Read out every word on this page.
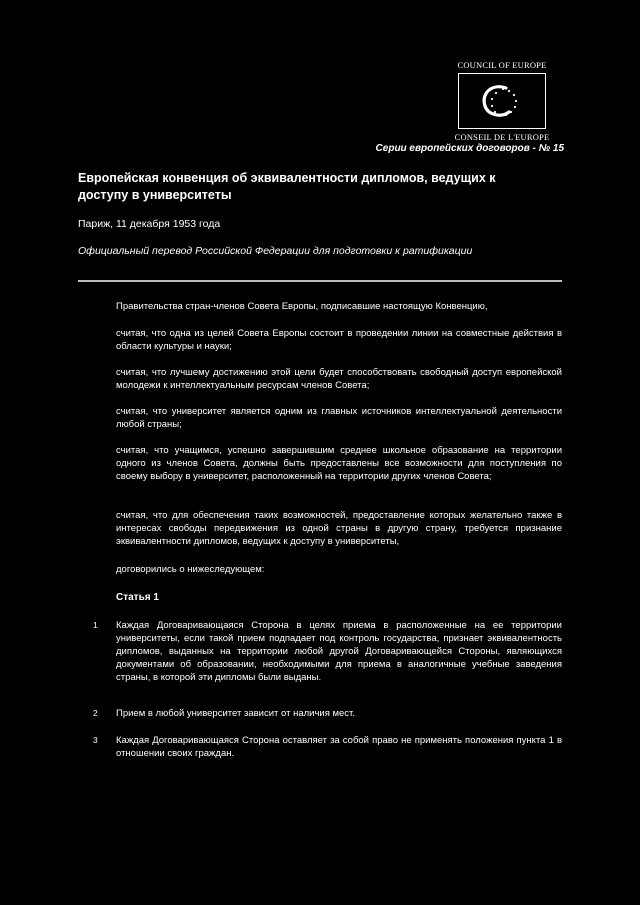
COUNCIL OF EUROPE
CONSEIL DE L'EUROPE
Серии европейских договоров - № 15
Европейская конвенция об эквивалентности дипломов, ведущих к доступу в университеты
Париж, 11 декабря 1953 года
Официальный перевод Российской Федерации для подготовки к ратификации
Правительства стран-членов Совета Европы, подписавшие настоящую Конвенцию,
считая, что одна из целей Совета Европы состоит в проведении линии на совместные действия в области культуры и науки;
считая, что лучшему достижению этой цели будет способствовать свободный доступ европейской молодежи к интеллектуальным ресурсам членов Совета;
считая, что университет является одним из главных источников интеллектуальной деятельности любой страны;
считая, что учащимся, успешно завершившим среднее школьное образование на территории одного из членов Совета, должны быть предоставлены все возможности для поступления по своему выбору в университет, расположенный на территории других членов Совета;
считая, что для обеспечения таких возможностей, предоставление которых желательно также в интересах свободы передвижения из одной страны в другую страну, требуется признание эквивалентности дипломов, ведущих к доступу в университеты,
договорились о нижеследующем:
Статья 1
1 Каждая Договаривающаяся Сторона в целях приема в расположенные на ее территории университеты, если такой прием подпадает под контроль государства, признает эквивалентность дипломов, выданных на территории любой другой Договаривающейся Стороны, являющихся документами об образовании, необходимыми для приема в аналогичные учебные заведения страны, в которой эти дипломы были выданы.
2 Прием в любой университет зависит от наличия мест.
3 Каждая Договаривающаяся Сторона оставляет за собой право не применять положения пункта 1 в отношении своих граждан.
